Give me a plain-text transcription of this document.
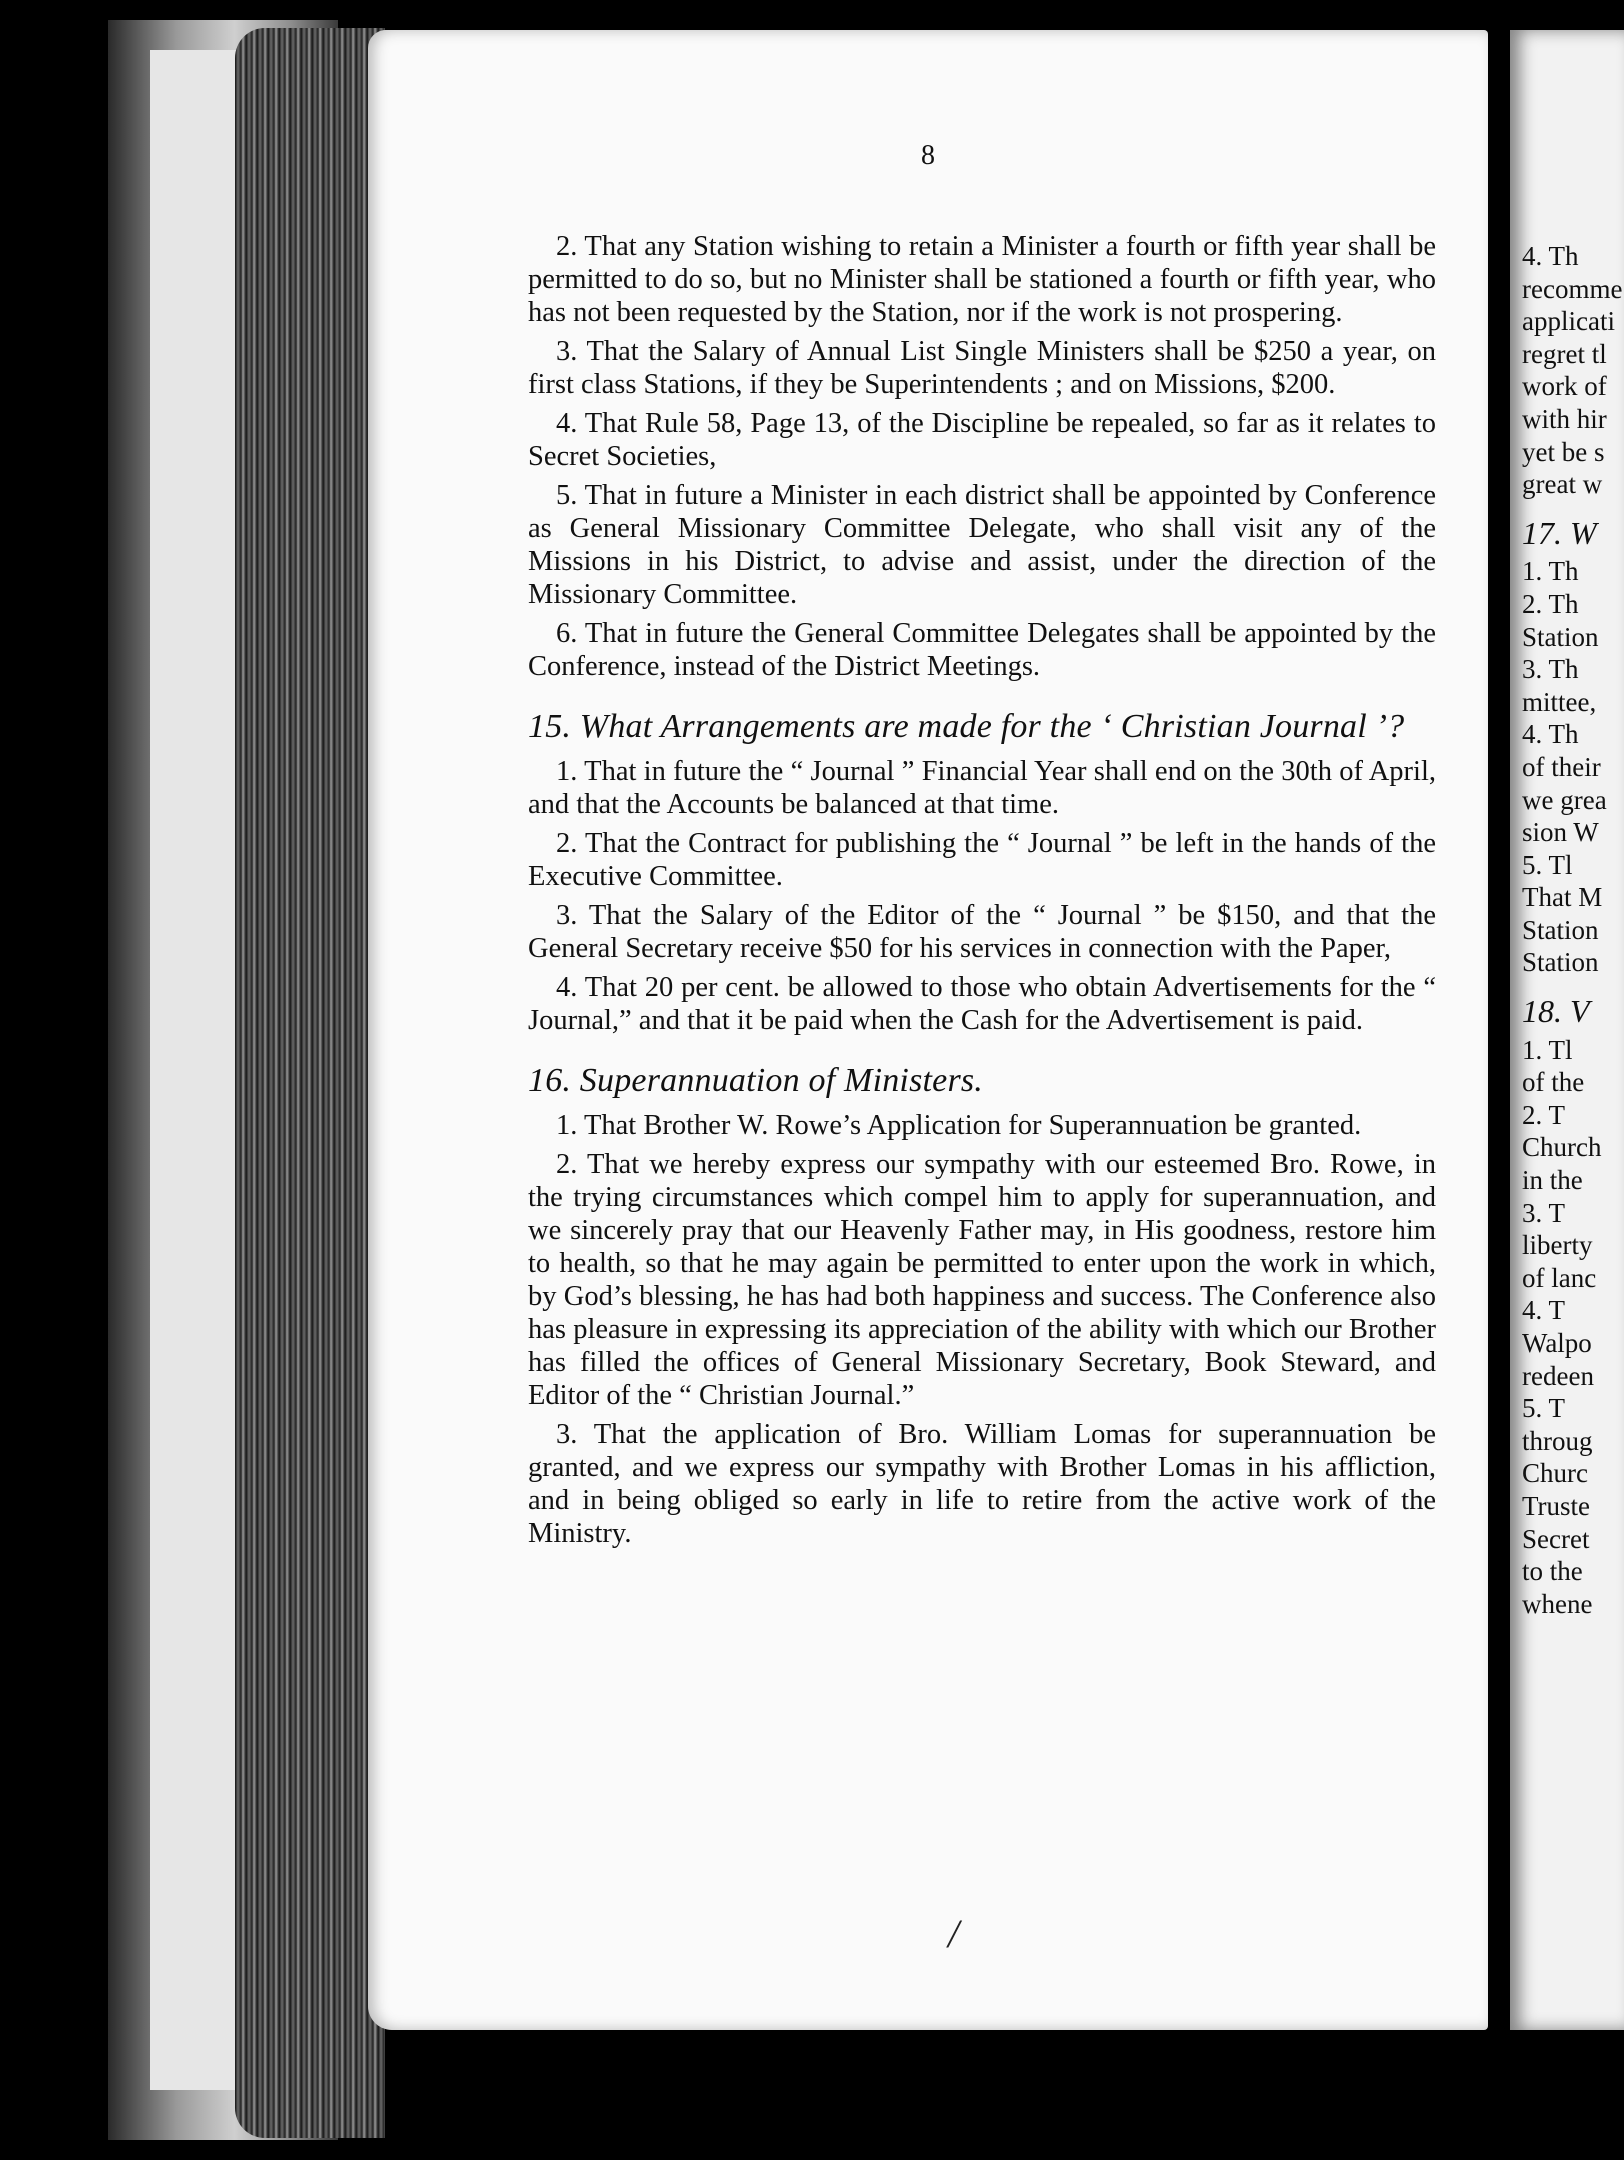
8

2. That any Station wishing to retain a Minister a fourth or fifth year shall be permitted to do so, but no Minister shall be stationed a fourth or fifth year, who has not been requested by the Station, nor if the work is not prospering.

3. That the Salary of Annual List Single Ministers shall be $250 a year, on first class Stations, if they be Superintendents ; and on Missions, $200.

4. That Rule 58, Page 13, of the Discipline be repealed, so far as it relates to Secret Societies,

5. That in future a Minister in each district shall be appointed by Conference as General Missionary Committee Delegate, who shall visit any of the Missions in his District, to advise and assist, under the direction of the Missionary Committee.

6. That in future the General Committee Delegates shall be appointed by the Conference, instead of the District Meetings.

15. What Arrangements are made for the ‘ Christian Journal ’?

1. That in future the “ Journal ” Financial Year shall end on the 30th of April, and that the Accounts be balanced at that time.

2. That the Contract for publishing the “ Journal ” be left in the hands of the Executive Committee.

3. That the Salary of the Editor of the “ Journal ” be $150, and that the General Secretary receive $50 for his services in connection with the Paper,

4. That 20 per cent. be allowed to those who obtain Advertisements for the “ Journal,” and that it be paid when the Cash for the Advertisement is paid.

16. Superannuation of Ministers.

1. That Brother W. Rowe’s Application for Superannuation be granted.

2. That we hereby express our sympathy with our esteemed Bro. Rowe, in the trying circumstances which compel him to apply for superannuation, and we sincerely pray that our Heavenly Father may, in His goodness, restore him to health, so that he may again be permitted to enter upon the work in which, by God’s blessing, he has had both happiness and success. The Conference also has pleasure in expressing its appreciation of the ability with which our Brother has filled the offices of General Missionary Secretary, Book Steward, and Editor of the “ Christian Journal.”

3. That the application of Bro. William Lomas for superannuation be granted, and we express our sympathy with Brother Lomas in his affliction, and in being obliged so early in life to retire from the active work of the Ministry.

/

4. Th

recomme

applicati

regret tl

work of

with hir

yet be s

great w

17. W

1. Th

2. Th

Station

3. Th

mittee,

4. Th

of their

we grea

sion W

5. Tl

That M

Station

Station

18. V

1. Tl

of the

2. T

Church

in the

3. T

liberty

of lanc

4. T

Walpo

redeen

5. T

throug

Churc

Truste

Secret

to the

whene
